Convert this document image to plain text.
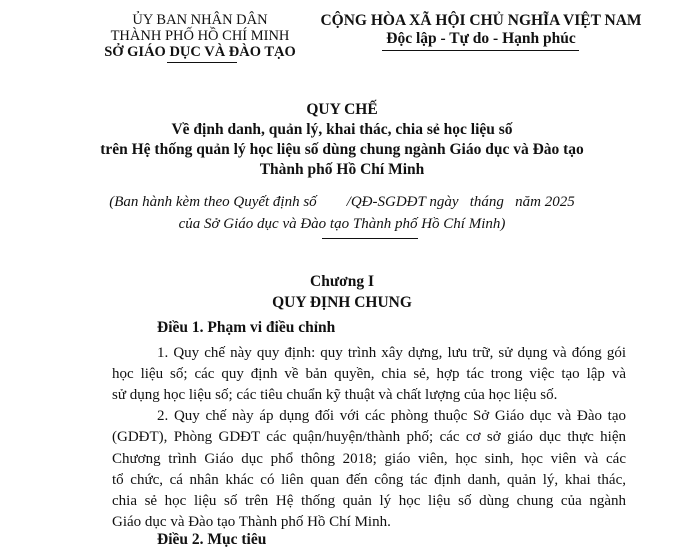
ỦY BAN NHÂN DÂN
THÀNH PHỐ HỒ CHÍ MINH
SỞ GIÁO DỤC VÀ ĐÀO TẠO
CỘNG HÒA XÃ HỘI CHỦ NGHĨA VIỆT NAM
Độc lập - Tự do - Hạnh phúc
QUY CHẾ
Về định danh, quản lý, khai thác, chia sẻ học liệu số
trên Hệ thống quản lý học liệu số dùng chung ngành Giáo dục và Đào tạo
Thành phố Hồ Chí Minh
(Ban hành kèm theo Quyết định số        /QĐ-SGDĐT ngày   tháng   năm 2025
của Sở Giáo dục và Đào tạo Thành phố Hồ Chí Minh)
Chương I
QUY ĐỊNH CHUNG
Điều 1. Phạm vi điều chỉnh
1. Quy chế này quy định: quy trình xây dựng, lưu trữ, sử dụng và đóng gói
học liệu số; các quy định về bản quyền, chia sẻ, hợp tác trong việc tạo lập và
sử dụng học liệu số; các tiêu chuẩn kỹ thuật và chất lượng của học liệu số.
2. Quy chế này áp dụng đối với các phòng thuộc Sở Giáo dục và Đào tạo
(GDĐT), Phòng GDĐT các quận/huyện/thành phố; các cơ sở giáo dục thực hiện
Chương trình Giáo dục phổ thông 2018; giáo viên, học sinh, học viên và các
tổ chức, cá nhân khác có liên quan đến công tác định danh, quản lý, khai thác,
chia sẻ học liệu số trên Hệ thống quản lý học liệu số dùng chung của ngành
Giáo dục và Đào tạo Thành phố Hồ Chí Minh.
Điều 2. Mục tiêu
